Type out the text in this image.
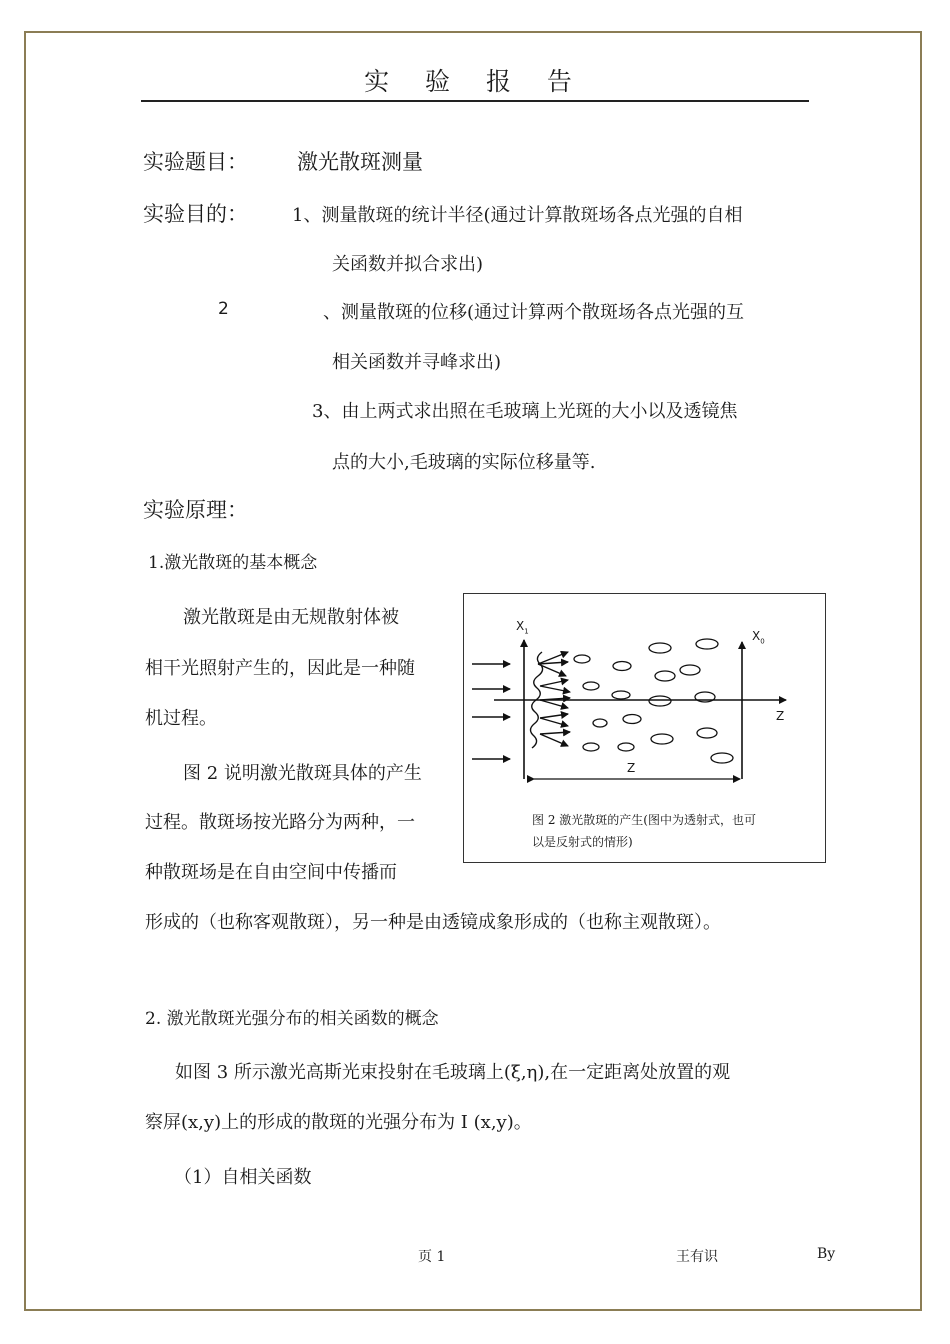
实 验 报 告
实验题目： 激光散斑测量
实验目的： 1、测量散斑的统计半径(通过计算散斑场各点光强的自相
关函数并拟合求出)
2	、测量散斑的位移(通过计算两个散斑场各点光强的互
相关函数并寻峰求出)
3、由上两式求出照在毛玻璃上光斑的大小以及透镜焦
点的大小,毛玻璃的实际位移量等.
实验原理：
1.激光散斑的基本概念
激光散斑是由无规散射体被
相干光照射产生的，因此是一种随
机过程。
图 2 说明激光散斑具体的产生
过程。散斑场按光路分为两种，一
种散斑场是在自由空间中传播而
形成的（也称客观散斑），另一种是由透镜成象形成的（也称主观散斑）。
$X_1$	$X_0$
Z
Z
图 2 激光散斑的产生(图中为透射式，也可
以是反射式的情形)
2. 激光散斑光强分布的相关函数的概念
如图 3 所示激光高斯光束投射在毛玻璃上(ξ,η),在一定距离处放置的观
察屏(x,y)上的形成的散斑的光强分布为 I (x,y)。
（1）自相关函数
页 1	王有识	By
